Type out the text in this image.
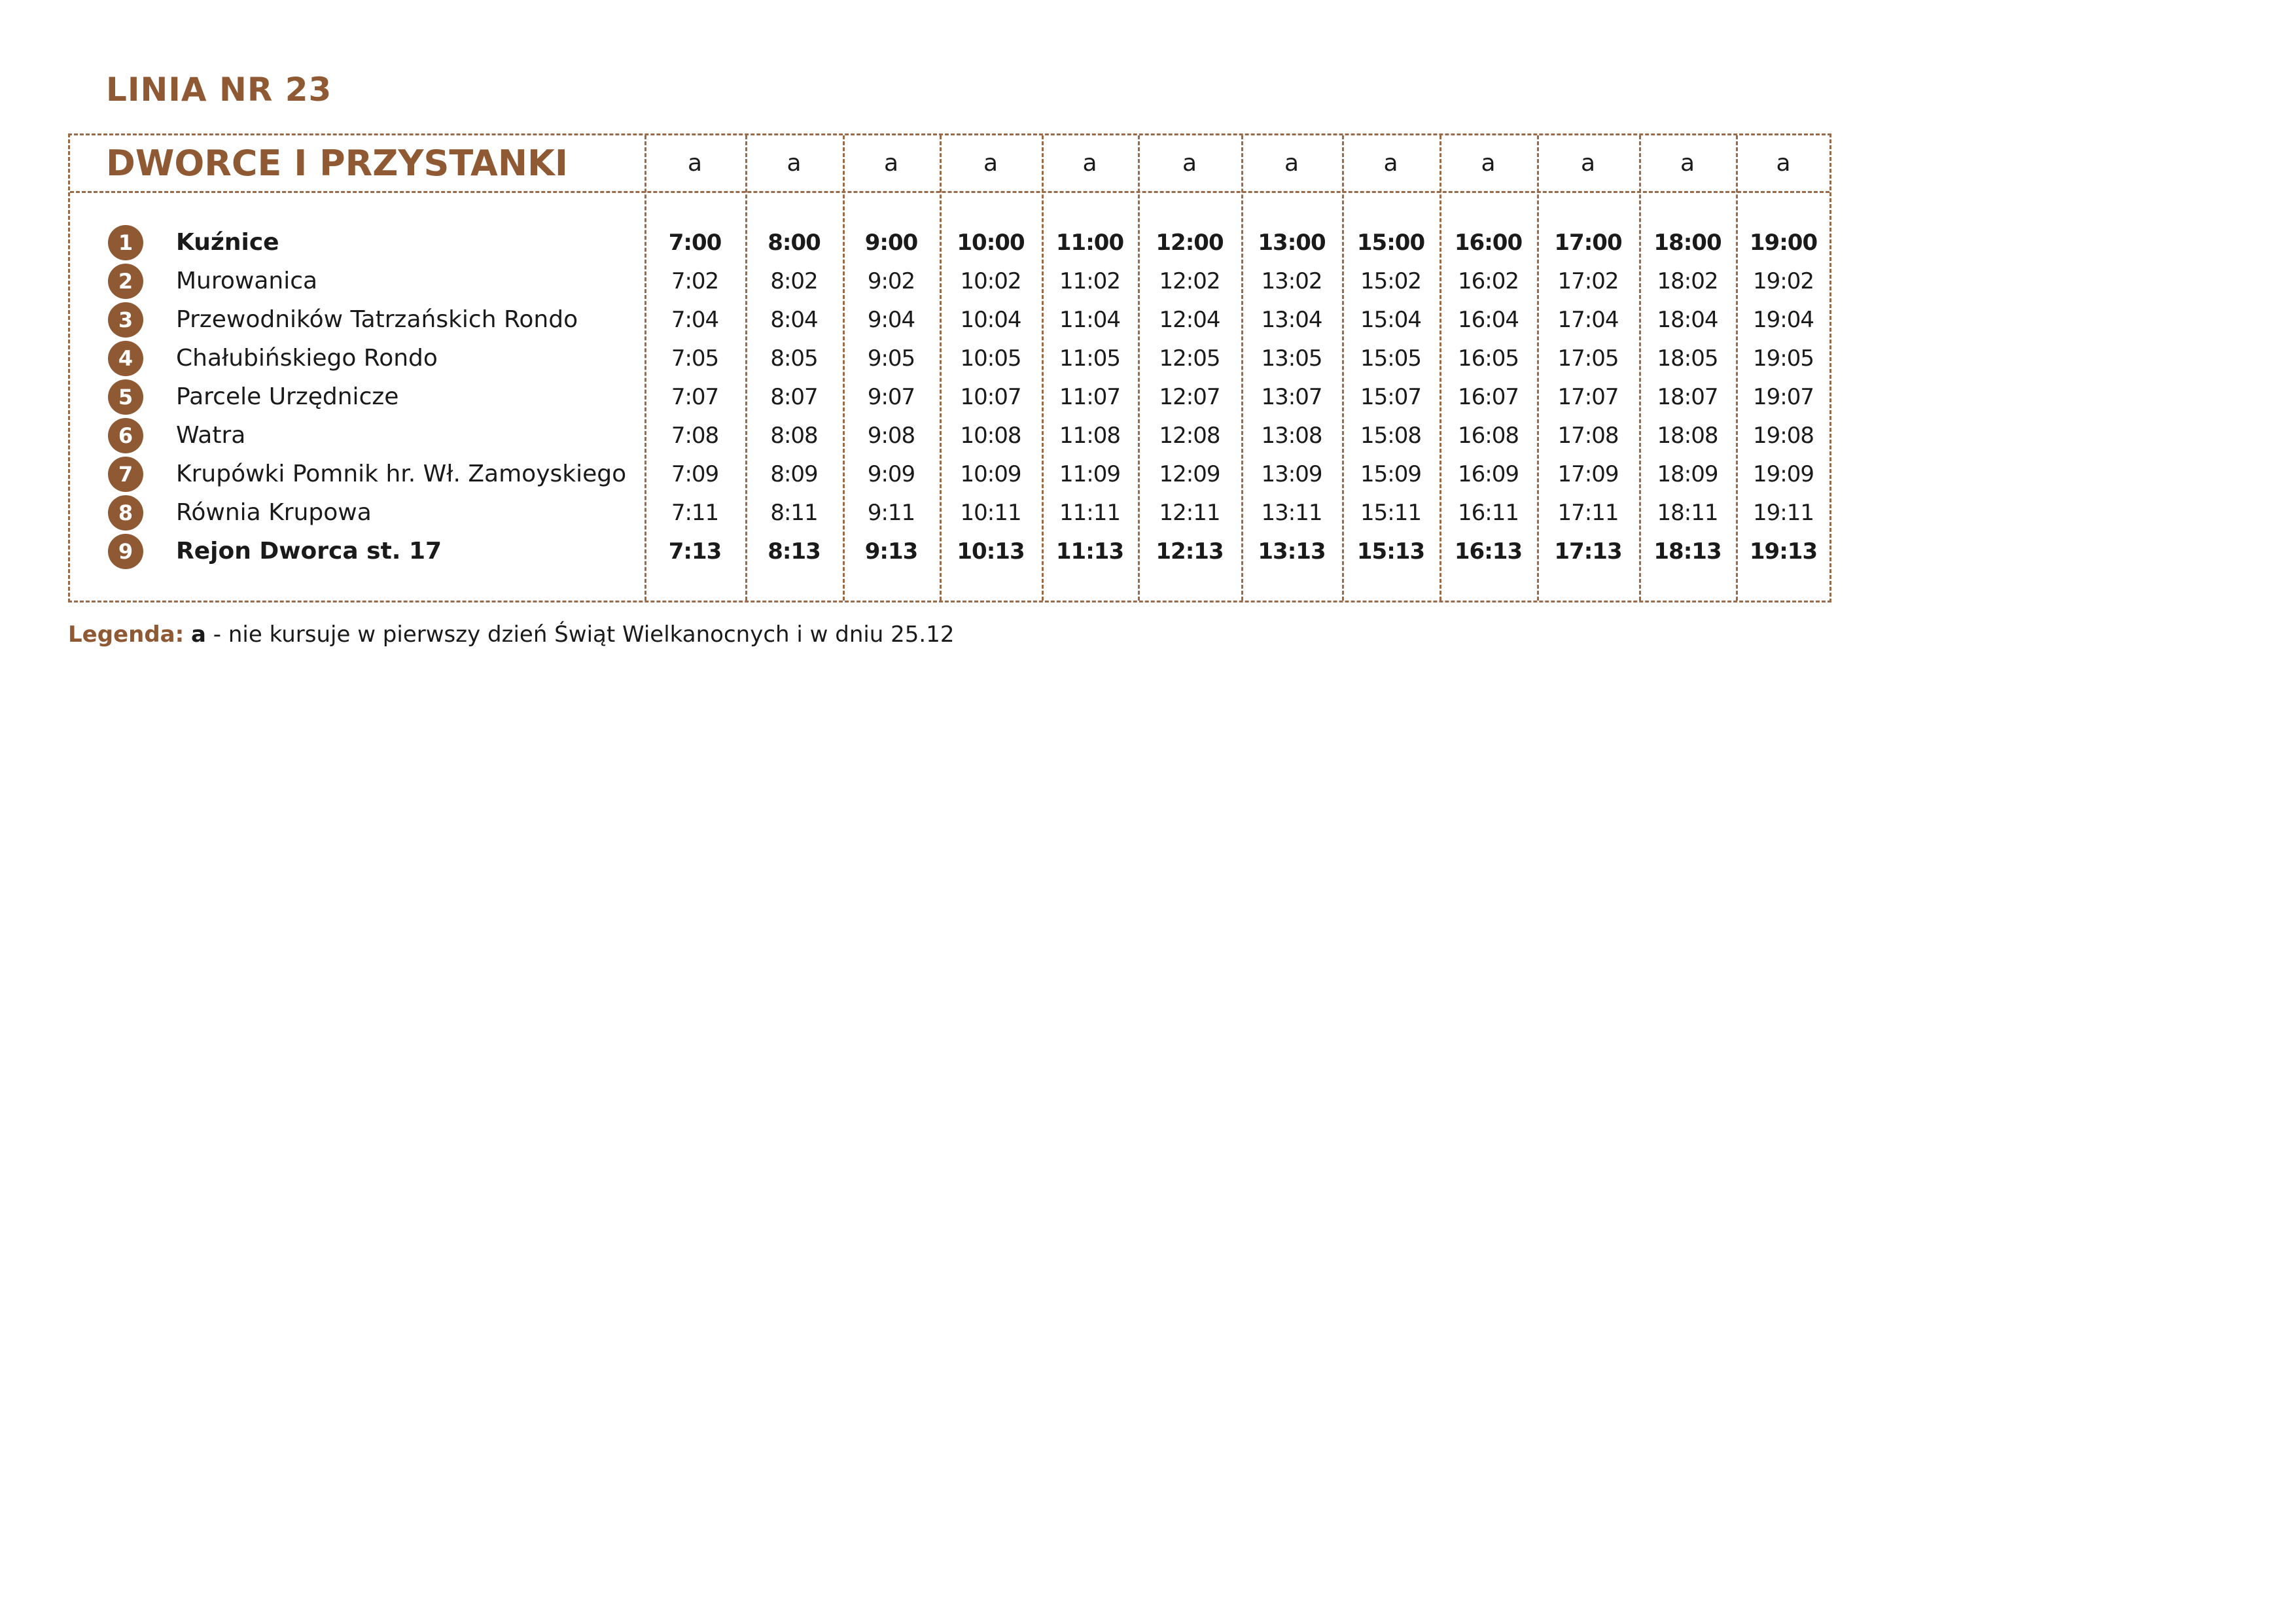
LINIA NR 23
DWORCE I PRZYSTANKI	a	a	a	a	a	a	a	a	a	a	a	a
1	Kuźnice	7:00	8:00	9:00	10:00	11:00	12:00	13:00	15:00	16:00	17:00	18:00	19:00
2	Murowanica	7:02	8:02	9:02	10:02	11:02	12:02	13:02	15:02	16:02	17:02	18:02	19:02
3	Przewodników Tatrzańskich Rondo	7:04	8:04	9:04	10:04	11:04	12:04	13:04	15:04	16:04	17:04	18:04	19:04
4	Chałubińskiego Rondo	7:05	8:05	9:05	10:05	11:05	12:05	13:05	15:05	16:05	17:05	18:05	19:05
5	Parcele Urzędnicze	7:07	8:07	9:07	10:07	11:07	12:07	13:07	15:07	16:07	17:07	18:07	19:07
6	Watra	7:08	8:08	9:08	10:08	11:08	12:08	13:08	15:08	16:08	17:08	18:08	19:08
7	Krupówki Pomnik hr. Wł. Zamoyskiego	7:09	8:09	9:09	10:09	11:09	12:09	13:09	15:09	16:09	17:09	18:09	19:09
8	Równia Krupowa	7:11	8:11	9:11	10:11	11:11	12:11	13:11	15:11	16:11	17:11	18:11	19:11
9	Rejon Dworca st. 17	7:13	8:13	9:13	10:13	11:13	12:13	13:13	15:13	16:13	17:13	18:13	19:13
Legenda: a - nie kursuje w pierwszy dzień Świąt Wielkanocnych i w dniu 25.12
